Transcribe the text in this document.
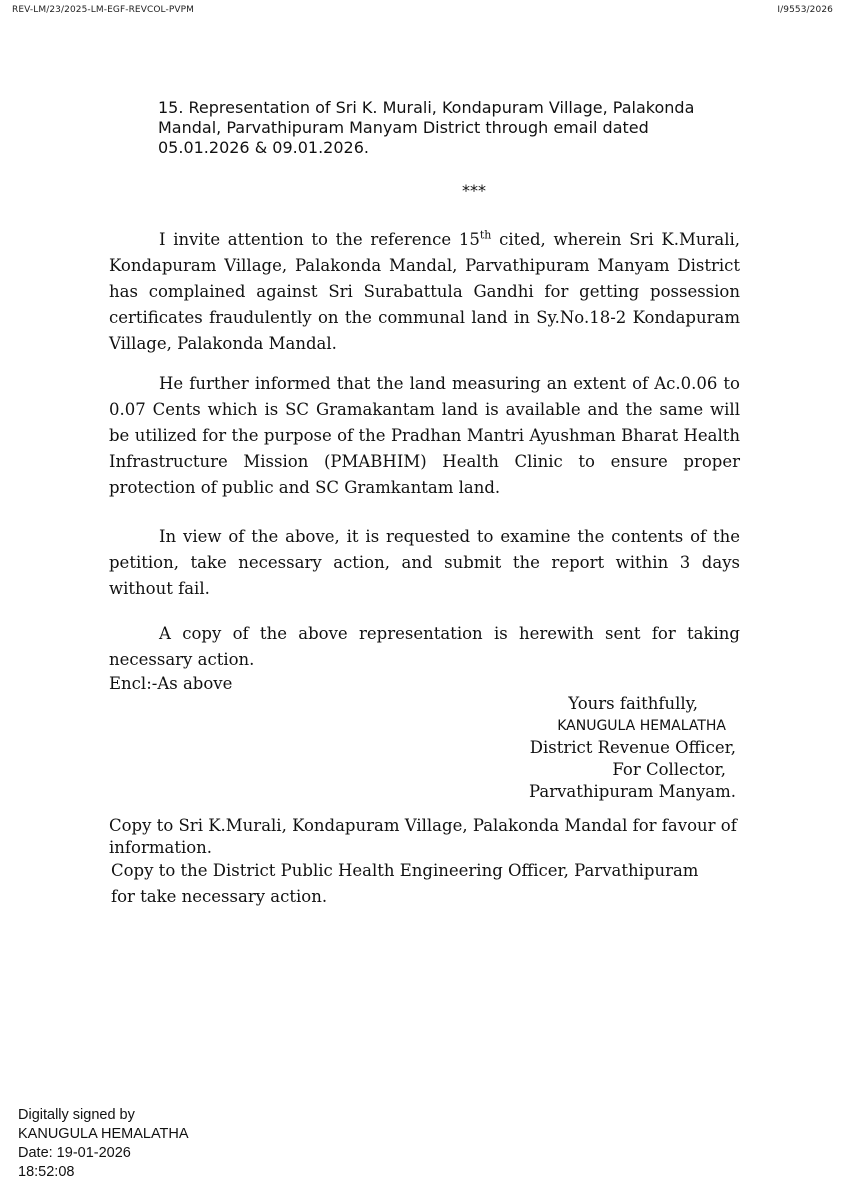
REV-LM/23/2025-LM-EGF-REVCOL-PVPM	I/9553/2026
15. Representation of Sri K. Murali, Kondapuram Village, Palakonda Mandal, Parvathipuram Manyam District through email dated 05.01.2026 & 09.01.2026.
***

I invite attention to the reference 15th cited, wherein Sri K.Murali, Kondapuram Village, Palakonda Mandal, Parvathipuram Manyam District has complained against Sri Surabattula Gandhi for getting possession certificates fraudulently on the communal land in Sy.No.18-2 Kondapuram Village, Palakonda Mandal.

He further informed that the land measuring an extent of Ac.0.06 to 0.07 Cents which is SC Gramakantam land is available and the same will be utilized for the purpose of the Pradhan Mantri Ayushman Bharat Health Infrastructure Mission (PMABHIM) Health Clinic to ensure proper protection of public and SC Gramkantam land.

In view of the above, it is requested to examine the contents of the petition, take necessary action, and submit the report within 3 days without fail.

A copy of the above representation is herewith sent for taking necessary action.

Encl:-As above
Yours faithfully,
KANUGULA HEMALATHA
District Revenue Officer,
For Collector,
Parvathipuram Manyam.

Copy to Sri K.Murali, Kondapuram Village, Palakonda Mandal for favour of information.

Copy to the District Public Health Engineering Officer, Parvathipuram
for take necessary action.

Digitally signed by
KANUGULA HEMALATHA
Date: 19-01-2026
18:52:08
